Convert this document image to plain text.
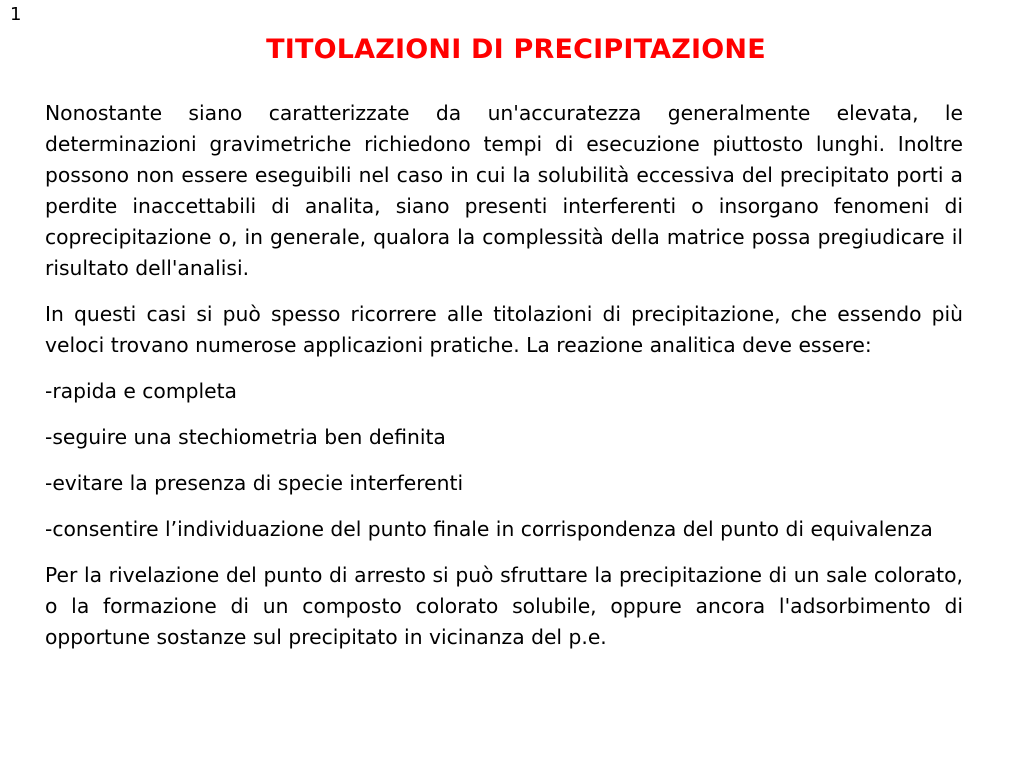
1
TITOLAZIONI DI PRECIPITAZIONE

Nonostante siano caratterizzate da un'accuratezza generalmente elevata, le determinazioni gravimetriche richiedono tempi di esecuzione piuttosto lunghi. Inoltre possono non essere eseguibili nel caso in cui la solubilità eccessiva del precipitato porti a perdite inaccettabili di analita, siano presenti interferenti o insorgano fenomeni di coprecipitazione o, in generale, qualora la complessità della matrice possa pregiudicare il risultato dell'analisi.

In questi casi si può spesso ricorrere alle titolazioni di precipitazione, che essendo più veloci trovano numerose applicazioni pratiche. La reazione analitica deve essere:

-rapida e completa

-seguire una stechiometria ben definita

-evitare la presenza di specie interferenti

-consentire l’individuazione del punto finale in corrispondenza del punto di equivalenza

Per la rivelazione del punto di arresto si può sfruttare la precipitazione di un sale colorato, o la formazione di un composto colorato solubile, oppure ancora l'adsorbimento di opportune sostanze sul precipitato in vicinanza del p.e.
